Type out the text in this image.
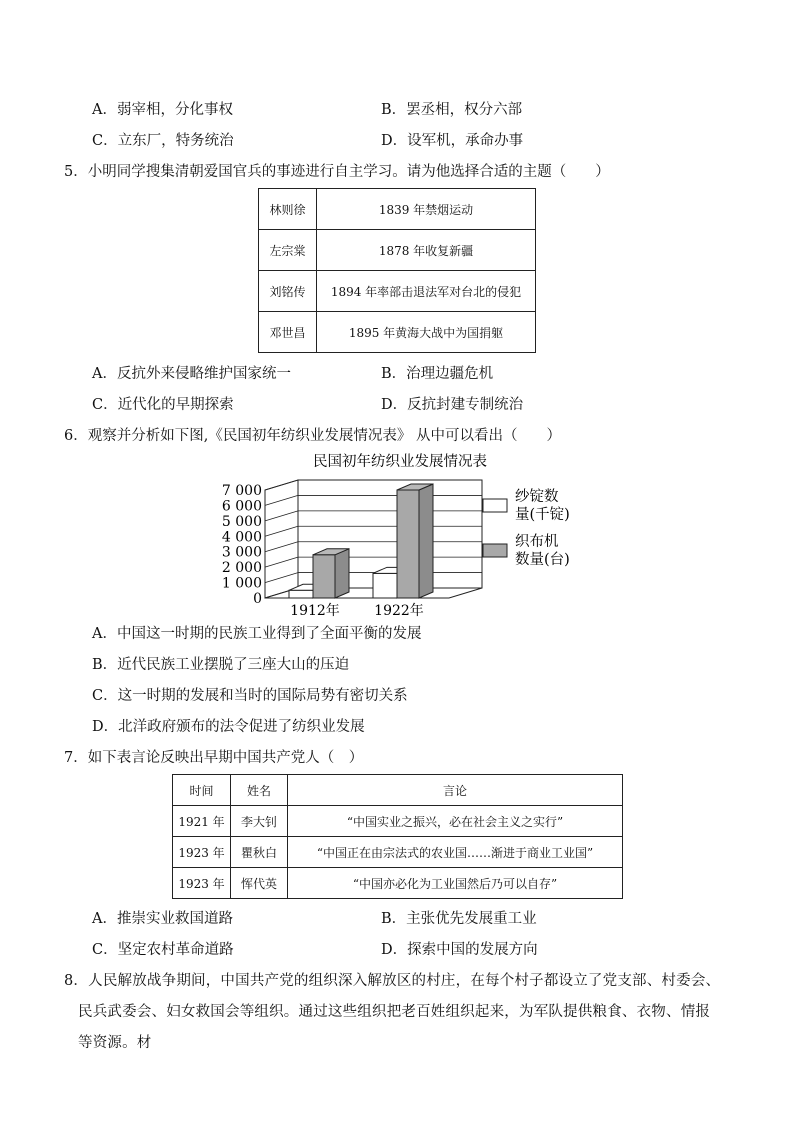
A．弱宰相，分化事权	B．罢丞相，权分六部
C．立东厂，特务统治	D．设军机，承命办事
5．小明同学搜集清朝爱国官兵的事迹进行自主学习。请为他选择合适的主题（　　）
林则徐	1839 年禁烟运动
左宗棠	1878 年收复新疆
刘铭传	1894 年率部击退法军对台北的侵犯
邓世昌	1895 年黄海大战中为国捐躯
A．反抗外来侵略维护国家统一	B．治理边疆危机
C．近代化的早期探索	D．反抗封建专制统治
6．观察并分析如下图,《民国初年纺织业发展情况表》 从中可以看出（　　）
民国初年纺织业发展情况表
0
1 000
2 000
3 000
4 000
5 000
6 000
7 000
1912年 1922年
纱锭数
量(千锭)
织布机
数量(台)
A．中国这一时期的民族工业得到了全面平衡的发展
B．近代民族工业摆脱了三座大山的压迫
C．这一时期的发展和当时的国际局势有密切关系
D．北洋政府颁布的法令促进了纺织业发展
7．如下表言论反映出早期中国共产党人（　）
时间	姓名	言论
1921 年	李大钊	“中国实业之振兴，必在社会主义之实行”
1923 年	瞿秋白	“中国正在由宗法式的农业国……渐进于商业工业国”
1923 年	恽代英	“中国亦必化为工业国然后乃可以自存”
A．推崇实业救国道路	B．主张优先发展重工业
C．坚定农村革命道路	D．探索中国的发展方向
8．人民解放战争期间，中国共产党的组织深入解放区的村庄，在每个村子都设立了党支部、村委会、民兵武委会、妇女救国会等组织。通过这些组织把老百姓组织起来，为军队提供粮食、衣物、情报等资源。材
